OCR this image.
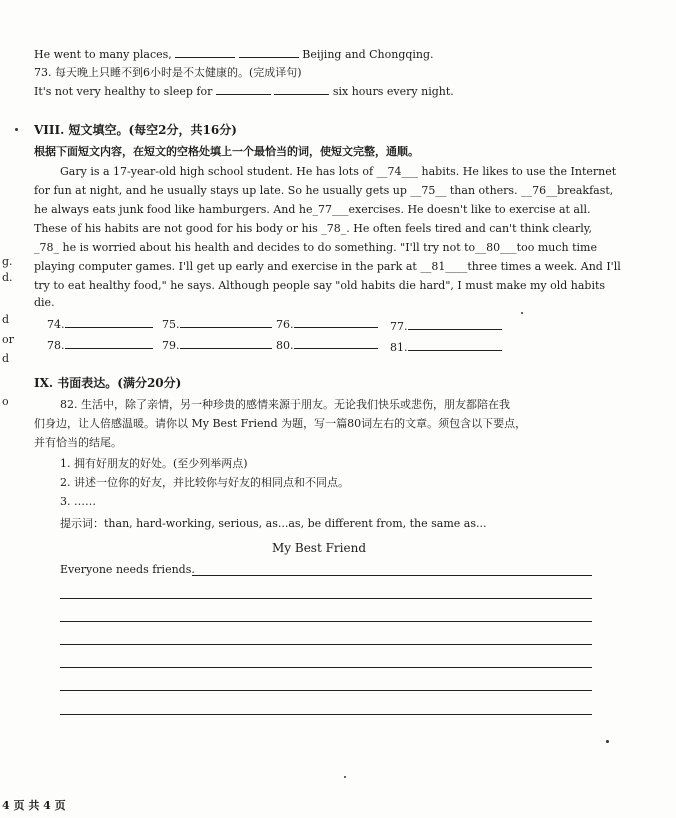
He went to many places,	Beijing and Chongqing.
73. 每天晚上只睡不到6小时是不太健康的。(完成译句)
It's not very healthy to sleep for	six hours every night.
VIII. 短文填空。(每空2分，共16分)
根据下面短文内容，在短文的空格处填上一个最恰当的词，使短文完整，通顺。
Gary is a 17-year-old high school student. He has lots of __74___ habits. He likes to use the Internet
for fun at night, and he usually stays up late. So he usually gets up __75__ than others. __76__breakfast,
he always eats junk food like hamburgers. And he_77___exercises. He doesn't like to exercise at all.
These of his habits are not good for his body or his _78_. He often feels tired and can't think clearly,
_78_ he is worried about his health and decides to do something. "I'll try not to__80___too much time
playing computer games. I'll get up early and exercise in the park at __81____three times a week. And I'll
try to eat healthy food," he says. Although people say "old habits die hard", I must make my old habits
die.
74.	75.	76.	77.
78.	79.	80.	81.
IX. 书面表达。(满分20分)
82. 生活中，除了亲情，另一种珍贵的感情来源于朋友。无论我们快乐或悲伤，朋友都陪在我
们身边，让人倍感温暖。请你以 My Best Friend 为题，写一篇80词左右的文章。须包含以下要点，
并有恰当的结尾。
1. 拥有好朋友的好处。(至少列举两点)
2. 讲述一位你的好友，并比较你与好友的相同点和不同点。
3. ……
提示词：than, hard-working, serious, as...as, be different from, the same as...
My Best Friend
Everyone needs friends.
g.
d.
d
or
d
o
4 页 共 4 页
